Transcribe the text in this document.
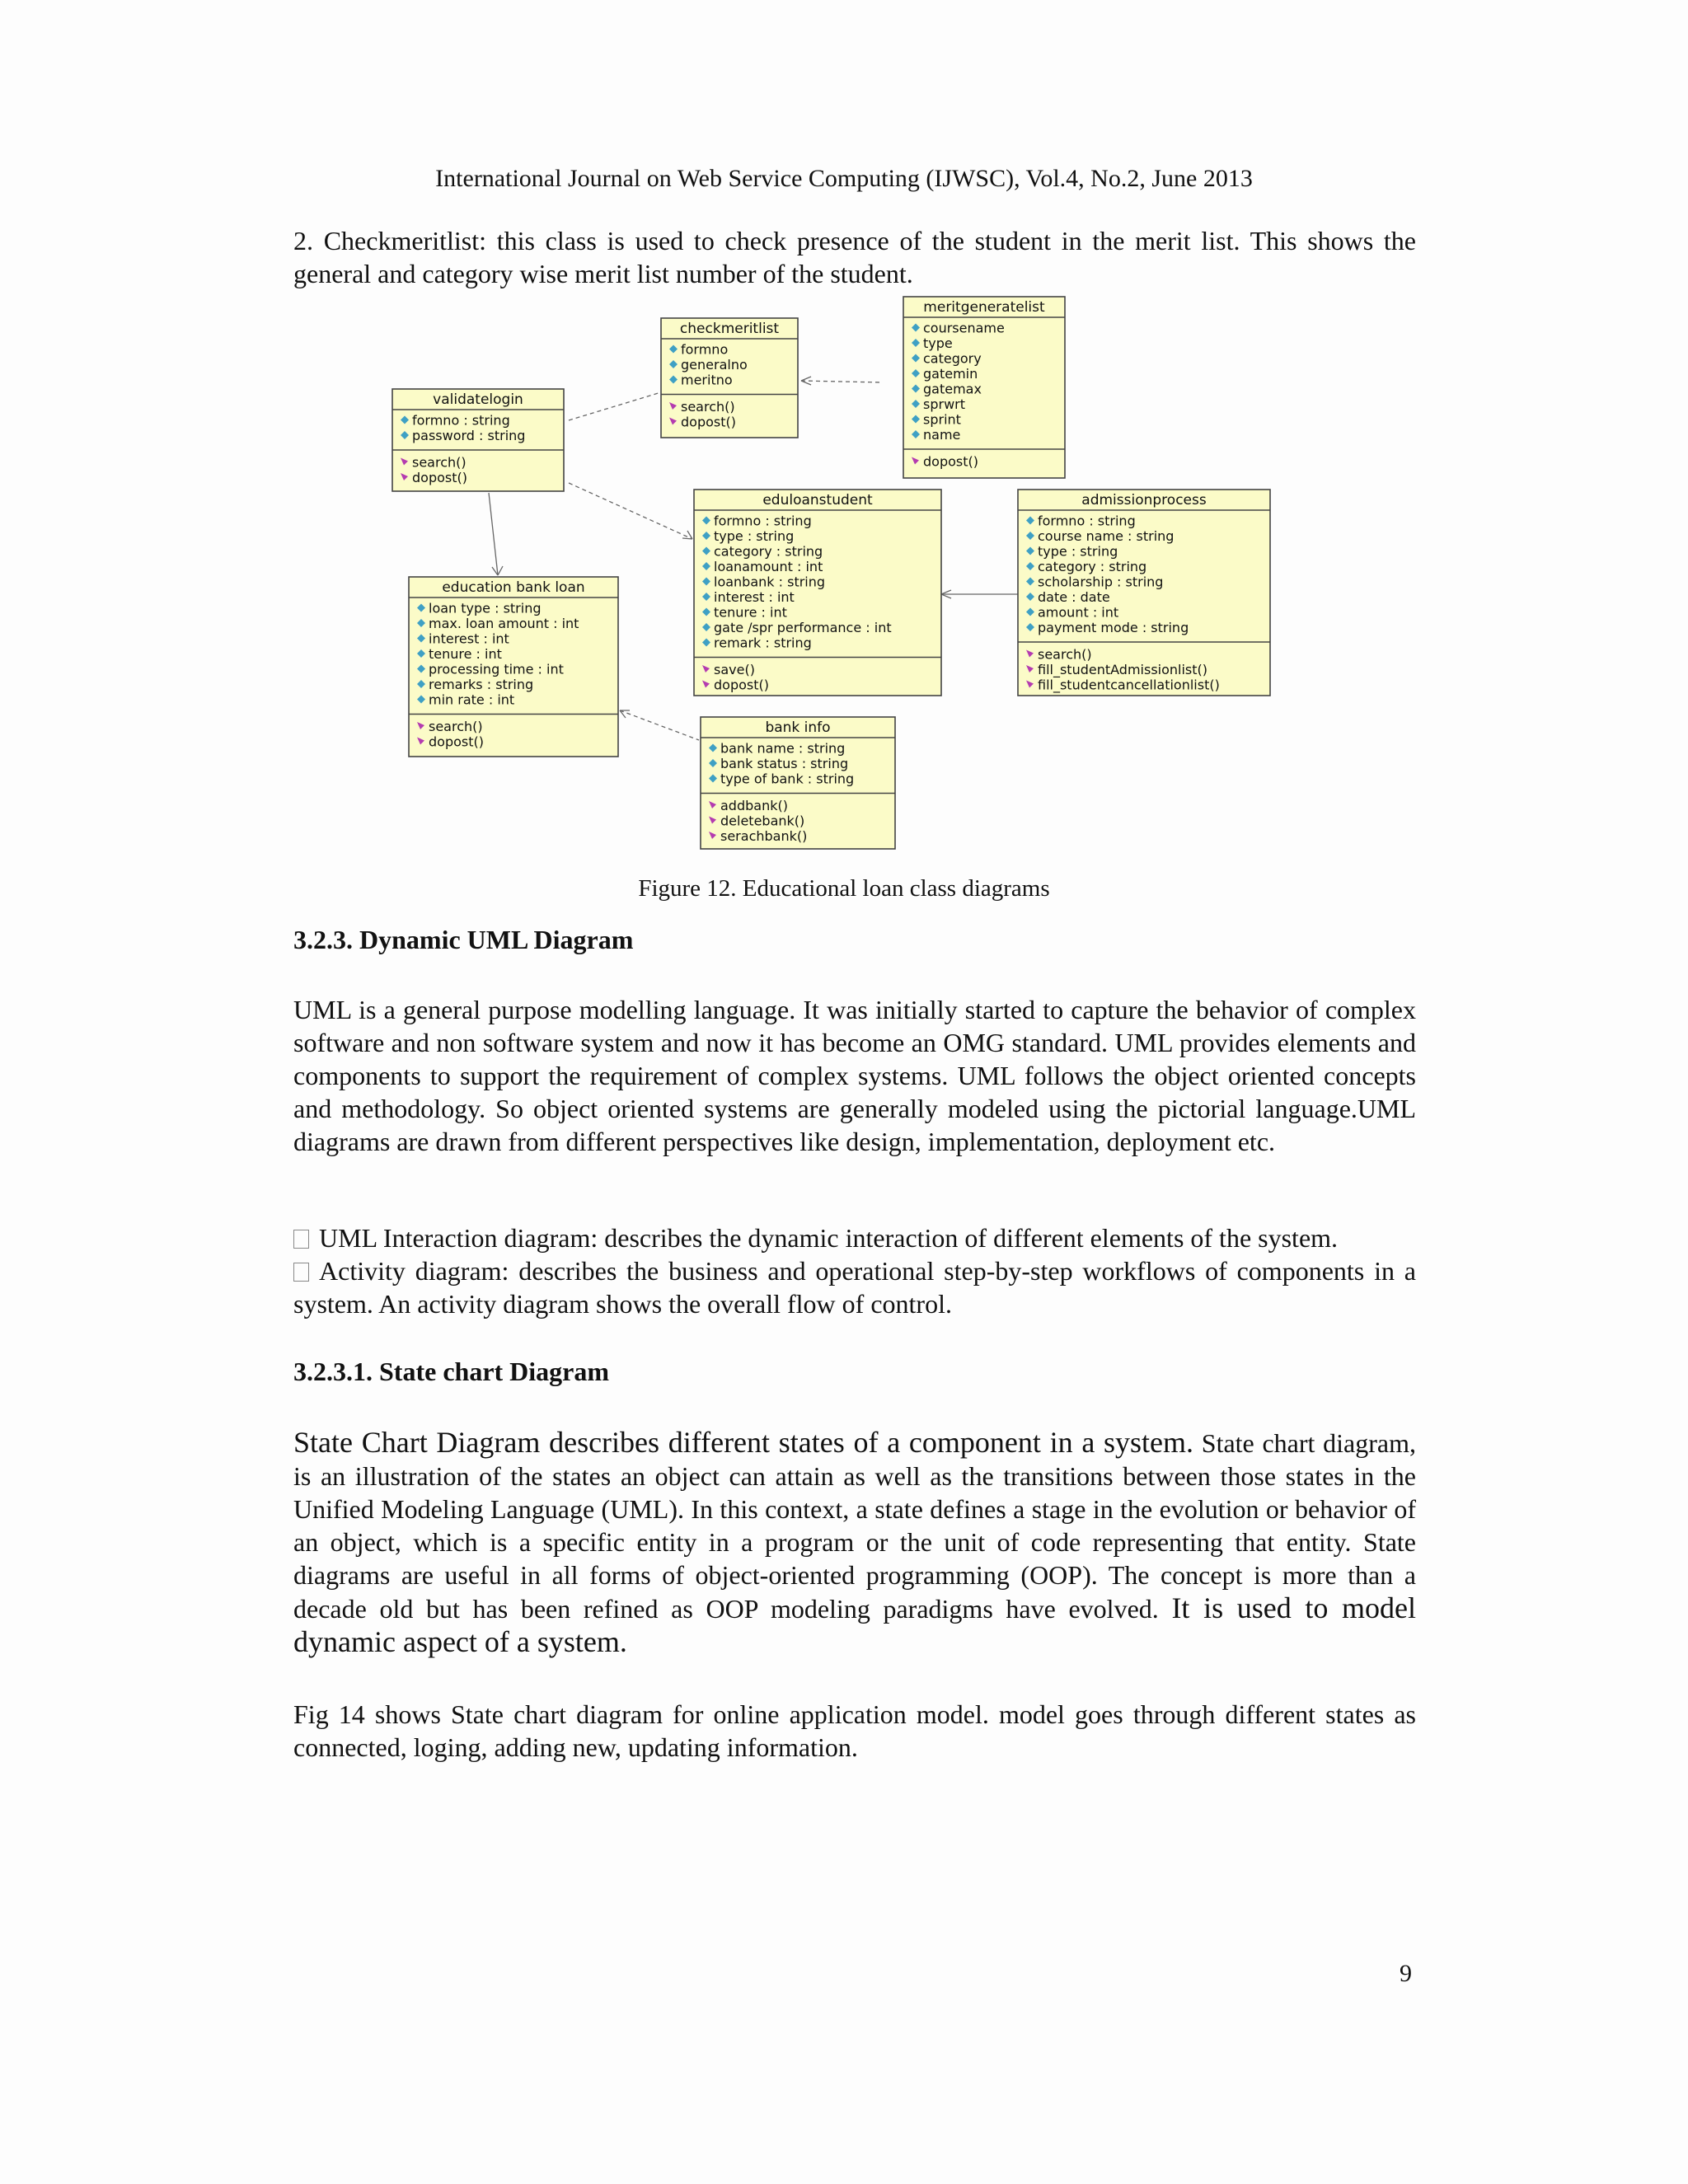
International Journal on Web Service Computing (IJWSC), Vol.4, No.2, June 2013

2. Checkmeritlist: this class is used to check presence of the student in the merit list. This shows the general and category wise merit list number of the student.

checkmeritlist
formno
generalno
meritno
search()
dopost()
meritgeneratelist
coursename
type
category
gatemin
gatemax
sprwrt
sprint
name
dopost()
validatelogin
formno : string
password : string
search()
dopost()
eduloanstudent
formno : string
type : string
category : string
loanamount : int
loanbank : string
interest : int
tenure : int
gate /spr performance : int
remark : string
save()
dopost()
admissionprocess
formno : string
course name : string
type : string
category : string
scholarship : string
date : date
amount : int
payment mode : string
search()
fill_studentAdmissionlist()
fill_studentcancellationlist()
education bank loan
loan type : string
max. loan amount : int
interest : int
tenure : int
processing time : int
remarks : string
min rate : int
search()
dopost()
bank info
bank name : string
bank status : string
type of bank : string
addbank()
deletebank()
serachbank()
Figure 12. Educational loan class diagrams
3.2.3. Dynamic UML Diagram

UML is a general purpose modelling language. It was initially started to capture the behavior of complex software and non software system and now it has become an OMG standard. UML provides elements and components to support the requirement of complex systems. UML follows the object oriented concepts and methodology. So object oriented systems are generally modeled using the pictorial language.UML diagrams are drawn from different perspectives like design, implementation, deployment etc.

UML Interaction diagram: describes the dynamic interaction of different elements of the system.

Activity diagram: describes the business and operational step-by-step workflows of components in a system. An activity diagram shows the overall flow of control.

3.2.3.1. State chart Diagram

State Chart Diagram describes different states of a component in a system. State chart diagram, is an illustration of the states an object can attain as well as the transitions between those states in the Unified Modeling Language (UML). In this context, a state defines a stage in the evolution or behavior of an object, which is a specific entity in a program or the unit of code representing that entity. State diagrams are useful in all forms of object-oriented programming (OOP). The concept is more than a decade old but has been refined as OOP modeling paradigms have evolved. It is used to model dynamic aspect of a system.

Fig 14 shows State chart diagram for online application model. model goes through different states as connected, loging, adding new, updating information.

9
